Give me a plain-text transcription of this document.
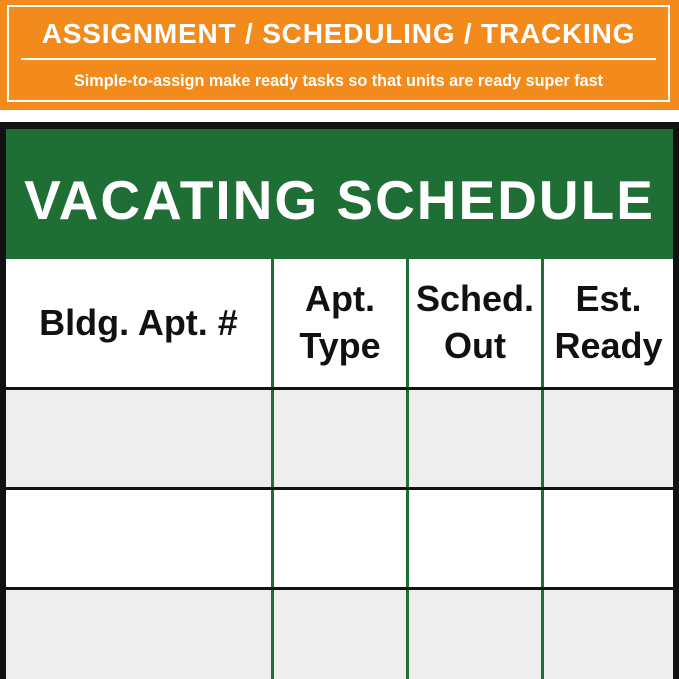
ASSIGNMENT / SCHEDULING / TRACKING
Simple-to-assign make ready tasks so that units are ready super fast
VACATING SCHEDULE
Bldg. Apt. #
Apt.
Type
Sched.
Out
Est.
Ready
